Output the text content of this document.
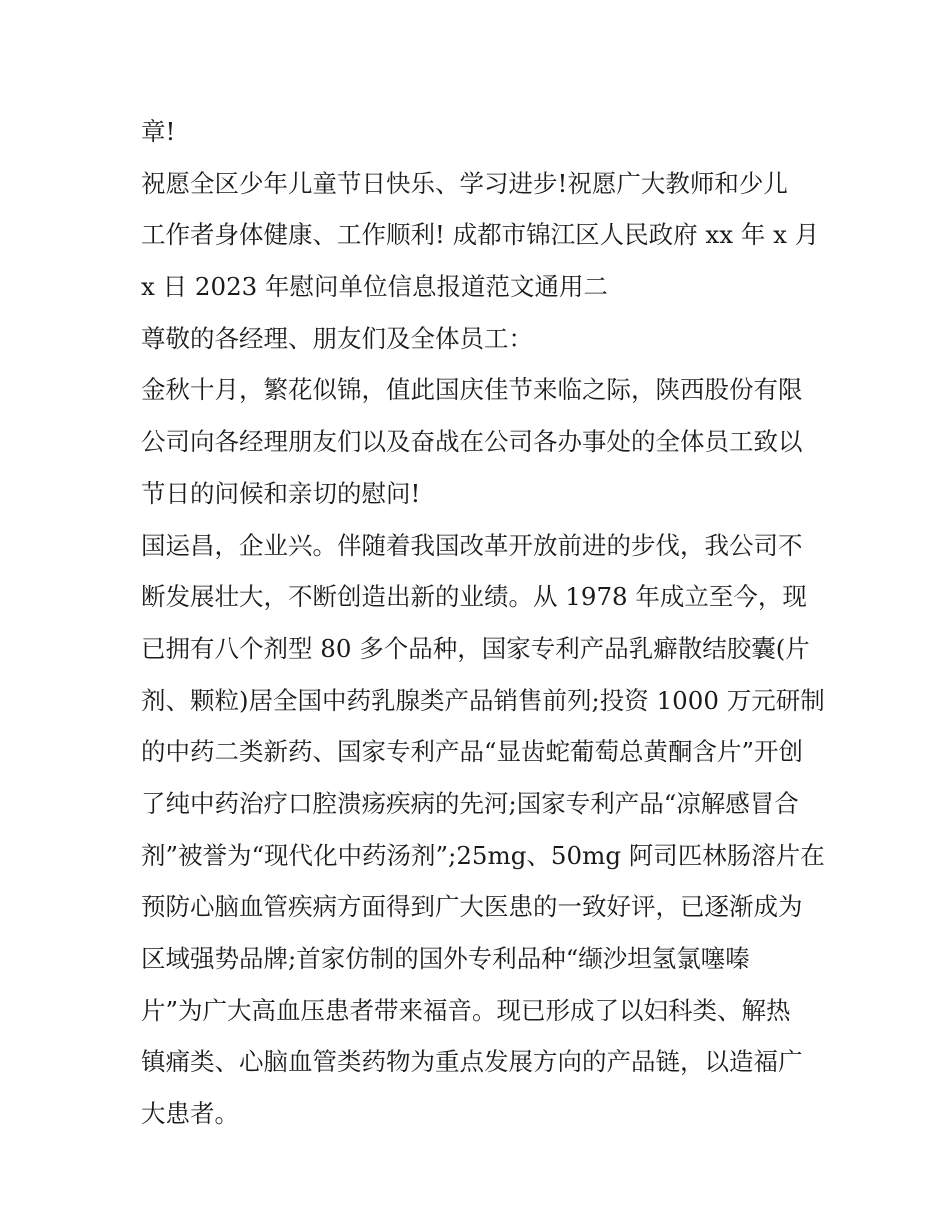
章!
祝愿全区少年儿童节日快乐、学习进步!祝愿广大教师和少儿
工作者身体健康、工作顺利! 成都市锦江区人民政府 xx 年 x 月
x 日 2023 年慰问单位信息报道范文通用二
尊敬的各经理、朋友们及全体员工：
金秋十月，繁花似锦，值此国庆佳节来临之际，陕西股份有限
公司向各经理朋友们以及奋战在公司各办事处的全体员工致以
节日的问候和亲切的慰问!
国运昌，企业兴。伴随着我国改革开放前进的步伐，我公司不
断发展壮大，不断创造出新的业绩。从 1978 年成立至今，现
已拥有八个剂型 80 多个品种，国家专利产品乳癖散结胶囊(片
剂、颗粒)居全国中药乳腺类产品销售前列;投资 1000 万元研制
的中药二类新药、国家专利产品“显齿蛇葡萄总黄酮含片”开创
了纯中药治疗口腔溃疡疾病的先河;国家专利产品“凉解感冒合
剂”被誉为“现代化中药汤剂”;25mg、50mg 阿司匹林肠溶片在
预防心脑血管疾病方面得到广大医患的一致好评，已逐渐成为
区域强势品牌;首家仿制的国外专利品种“缬沙坦氢氯噻嗪
片”为广大高血压患者带来福音。现已形成了以妇科类、解热
镇痛类、心脑血管类药物为重点发展方向的产品链，以造福广
大患者。
